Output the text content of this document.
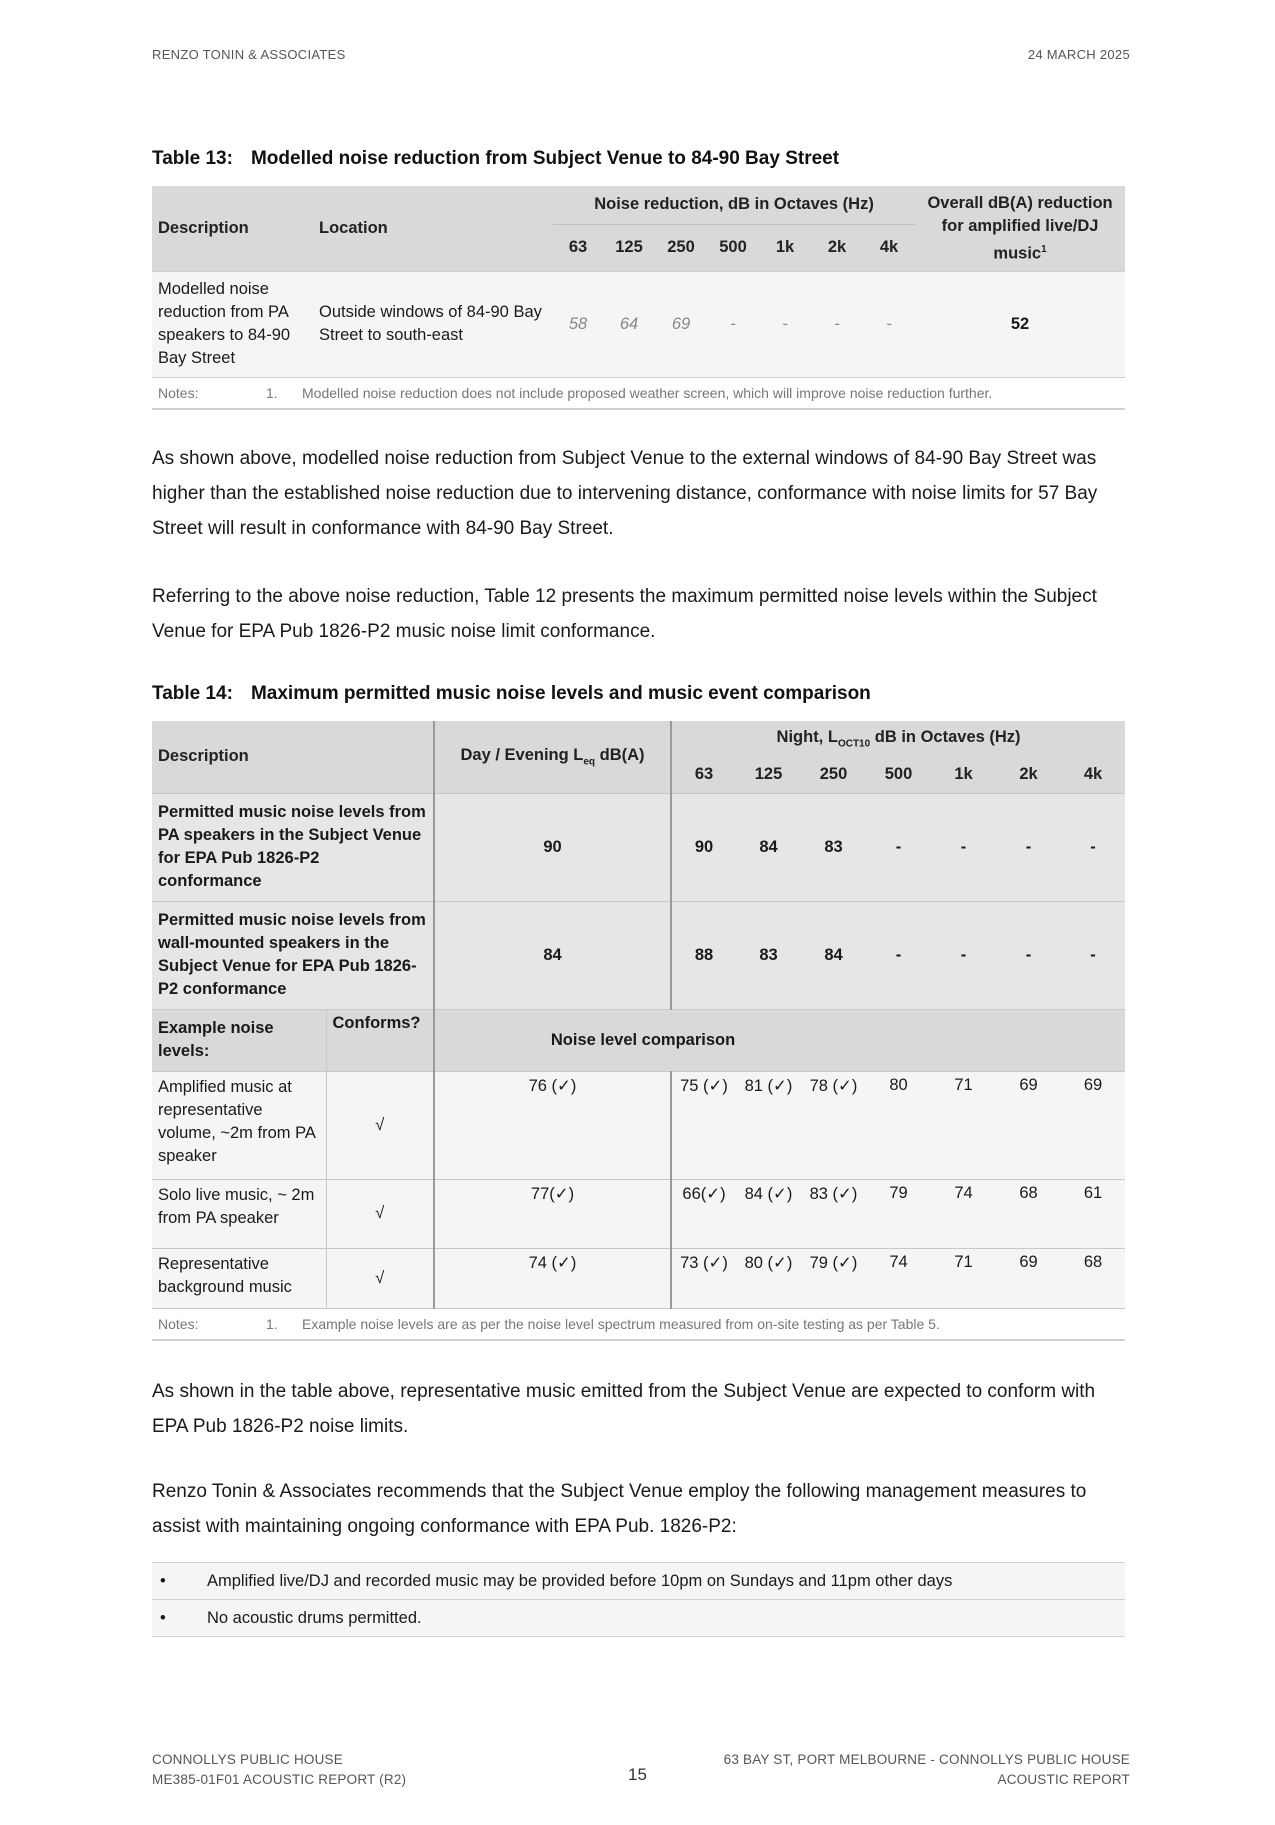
RENZO TONIN & ASSOCIATES	24 MARCH 2025
Table 13: Modelled noise reduction from Subject Venue to 84-90 Bay Street
Description	Location	Noise reduction, dB in Octaves (Hz)							Overall dB(A) reduction for amplified live/DJ music$^1$
		63	125	250	500	1k	2k	4k	
Modelled noise reduction from PA speakers to 84-90 Bay Street	Outside windows of 84-90 Bay Street to south-east	58	64	69	-	-	-	-	52
Notes: 1. Modelled noise reduction does not include proposed weather screen, which will improve noise reduction further.									

As shown above, modelled noise reduction from Subject Venue to the external windows of 84-90 Bay Street was higher than the established noise reduction due to intervening distance, conformance with noise limits for 57 Bay Street will result in conformance with 84-90 Bay Street.

Referring to the above noise reduction, Table 12 presents the maximum permitted noise levels within the Subject Venue for EPA Pub 1826-P2 music noise limit conformance.

Table 14: Maximum permitted music noise levels and music event comparison
Description		Day / Evening $L_{eq}$ dB(A)	Night, $L_{OCT10}$ dB in Octaves (Hz)						
			63	125	250	500	1k	2k	4k
Permitted music noise levels from PA speakers in the Subject Venue for EPA Pub 1826-P2 conformance		90	90	84	83	-	-	-	-
Permitted music noise levels from wall-mounted speakers in the Subject Venue for EPA Pub 1826-P2 conformance		84	88	83	84	-	-	-	-
Example noise levels:	Conforms?	Noise level comparison							
Amplified music at representative volume, ~2m from PA speaker	√	76 (✓)	75 (✓)	81 (✓)	78 (✓)	80	71	69	69
Solo live music, ~ 2m from PA speaker	√	77(✓)	66(✓)	84 (✓)	83 (✓)	79	74	68	61
Representative background music	√	74 (✓)	73 (✓)	80 (✓)	79 (✓)	74	71	69	68
Notes: 1. Example noise levels are as per the noise level spectrum measured from on-site testing as per Table 5.									

As shown in the table above, representative music emitted from the Subject Venue are expected to conform with EPA Pub 1826-P2 noise limits.

Renzo Tonin & Associates recommends that the Subject Venue employ the following management measures to assist with maintaining ongoing conformance with EPA Pub. 1826-P2:

•	Amplified live/DJ and recorded music may be provided before 10pm on Sundays and 11pm other days
•	No acoustic drums permitted.
CONNOLLYS PUBLIC HOUSE
ME385-01F01 ACOUSTIC REPORT (R2)	15
63 BAY ST, PORT MELBOURNE - CONNOLLYS PUBLIC HOUSE
ACOUSTIC REPORT
